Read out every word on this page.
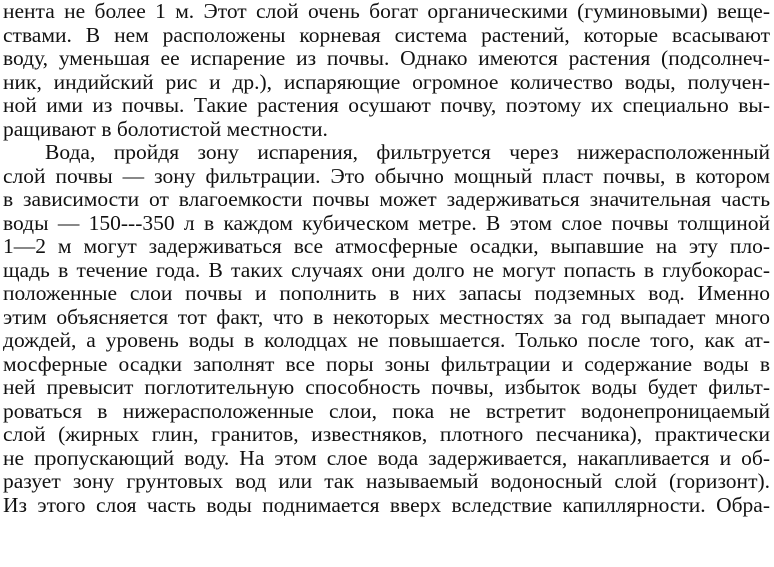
нента не более 1 м. Этот слой очень богат органическими (гуминовыми) веще-
ствами. В нем расположены корневая система растений, которые всасывают
воду, уменьшая ее испарение из почвы. Однако имеются растения (подсолнеч-
ник, индийский рис и др.), испаряющие огромное количество воды, получен-
ной ими из почвы. Такие растения осушают почву, поэтому их специально вы-
ращивают в болотистой местности.
Вода, пройдя зону испарения, фильтруется через нижерасположенный
слой почвы — зону фильтрации. Это обычно мощный пласт почвы, в котором
в зависимости от влагоемкости почвы может задерживаться значительная часть
воды — 150---350 л в каждом кубическом метре. В этом слое почвы толщиной
1—2 м могут задерживаться все атмосферные осадки, выпавшие на эту пло-
щадь в течение года. В таких случаях они долго не могут попасть в глубокорас-
положенные слои почвы и пополнить в них запасы подземных вод. Именно
этим объясняется тот факт, что в некоторых местностях за год выпадает много
дождей, а уровень воды в колодцах не повышается. Только после того, как ат-
мосферные осадки заполнят все поры зоны фильтрации и содержание воды в
ней превысит поглотительную способность почвы, избыток воды будет фильт-
роваться в нижерасположенные слои, пока не встретит водонепроницаемый
слой (жирных глин, гранитов, известняков, плотного песчаника), практически
не пропускающий воду. На этом слое вода задерживается, накапливается и об-
разует зону грунтовых вод или так называемый водоносный слой (горизонт).
Из этого слоя часть воды поднимается вверх вследствие капиллярности. Обра-
